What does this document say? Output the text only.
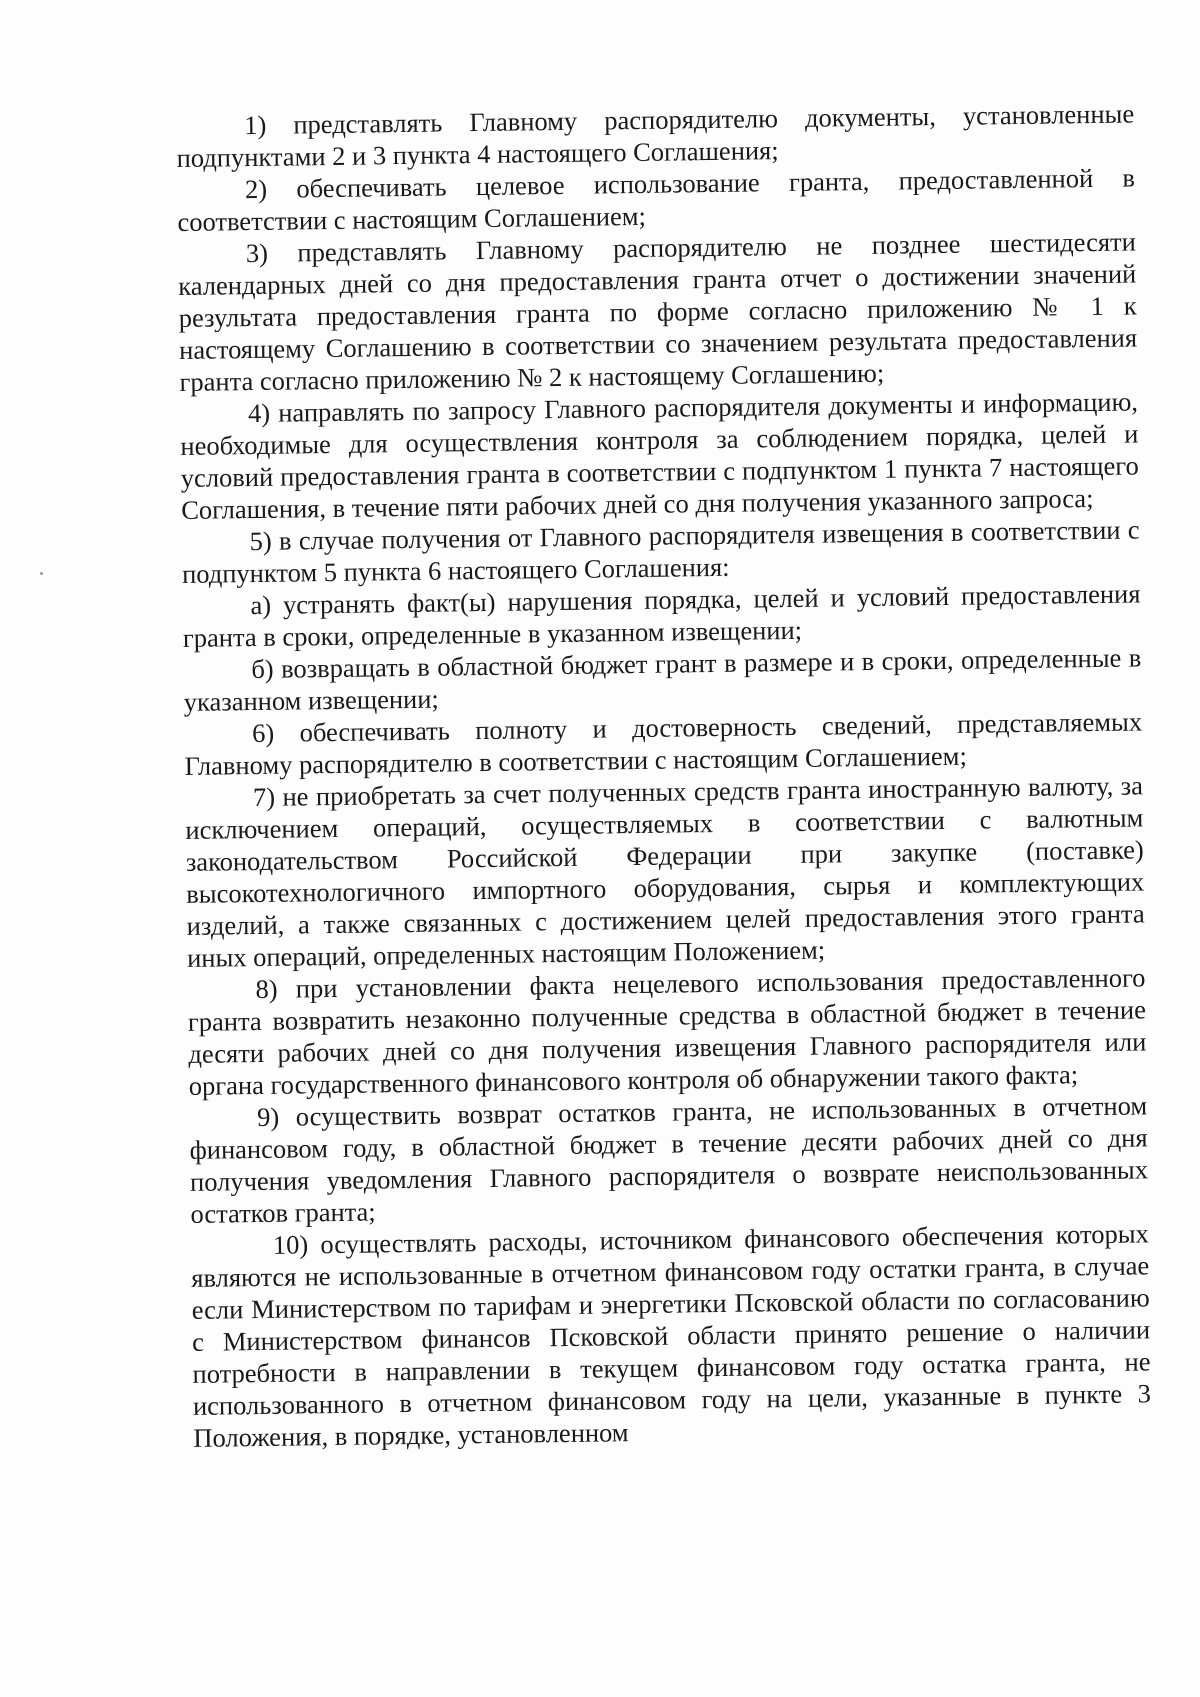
1) представлять Главному распорядителю документы, установленные подпунктами 2 и 3 пункта 4 настоящего Соглашения;

2) обеспечивать целевое использование гранта, предоставленной в соответствии с настоящим Соглашением;

3) представлять Главному распорядителю не позднее шестидесяти календарных дней со дня предоставления гранта отчет о достижении значений результата предоставления гранта по форме согласно приложению № 1 к настоящему Соглашению в соответствии со значением результата предоставления гранта согласно приложению № 2 к настоящему Соглашению;

4) направлять по запросу Главного распорядителя документы и информацию, необходимые для осуществления контроля за соблюдением порядка, целей и условий предоставления гранта в соответствии с подпунктом 1 пункта 7 настоящего Соглашения, в течение пяти рабочих дней со дня получения указанного запроса;

5) в случае получения от Главного распорядителя извещения в соответствии с подпунктом 5 пункта 6 настоящего Соглашения:

а) устранять факт(ы) нарушения порядка, целей и условий предоставления гранта в сроки, определенные в указанном извещении;

б) возвращать в областной бюджет грант в размере и в сроки, определенные в указанном извещении;

6) обеспечивать полноту и достоверность сведений, представляемых Главному распорядителю в соответствии с настоящим Соглашением;

7) не приобретать за счет полученных средств гранта иностранную валюту, за исключением операций, осуществляемых в соответствии с валютным законодательством Российской Федерации при закупке (поставке) высокотехнологичного импортного оборудования, сырья и комплектующих изделий, а также связанных с достижением целей предоставления этого гранта иных операций, определенных настоящим Положением;

8) при установлении факта нецелевого использования предоставленного гранта возвратить незаконно полученные средства в областной бюджет в течение десяти рабочих дней со дня получения извещения Главного распорядителя или органа государственного финансового контроля об обнаружении такого факта;

9) осуществить возврат остатков гранта, не использованных в отчетном финансовом году, в областной бюджет в течение десяти рабочих дней со дня получения уведомления Главного распорядителя о возврате неиспользованных остатков гранта;

10) осуществлять расходы, источником финансового обеспечения которых являются не использованные в отчетном финансовом году остатки гранта, в случае если Министерством по тарифам и энергетики Псковской области по согласованию с Министерством финансов Псковской области принято решение о наличии потребности в направлении в текущем финансовом году остатка гранта, не использованного в отчетном финансовом году на цели, указанные в пункте 3 Положения, в порядке, установленном
